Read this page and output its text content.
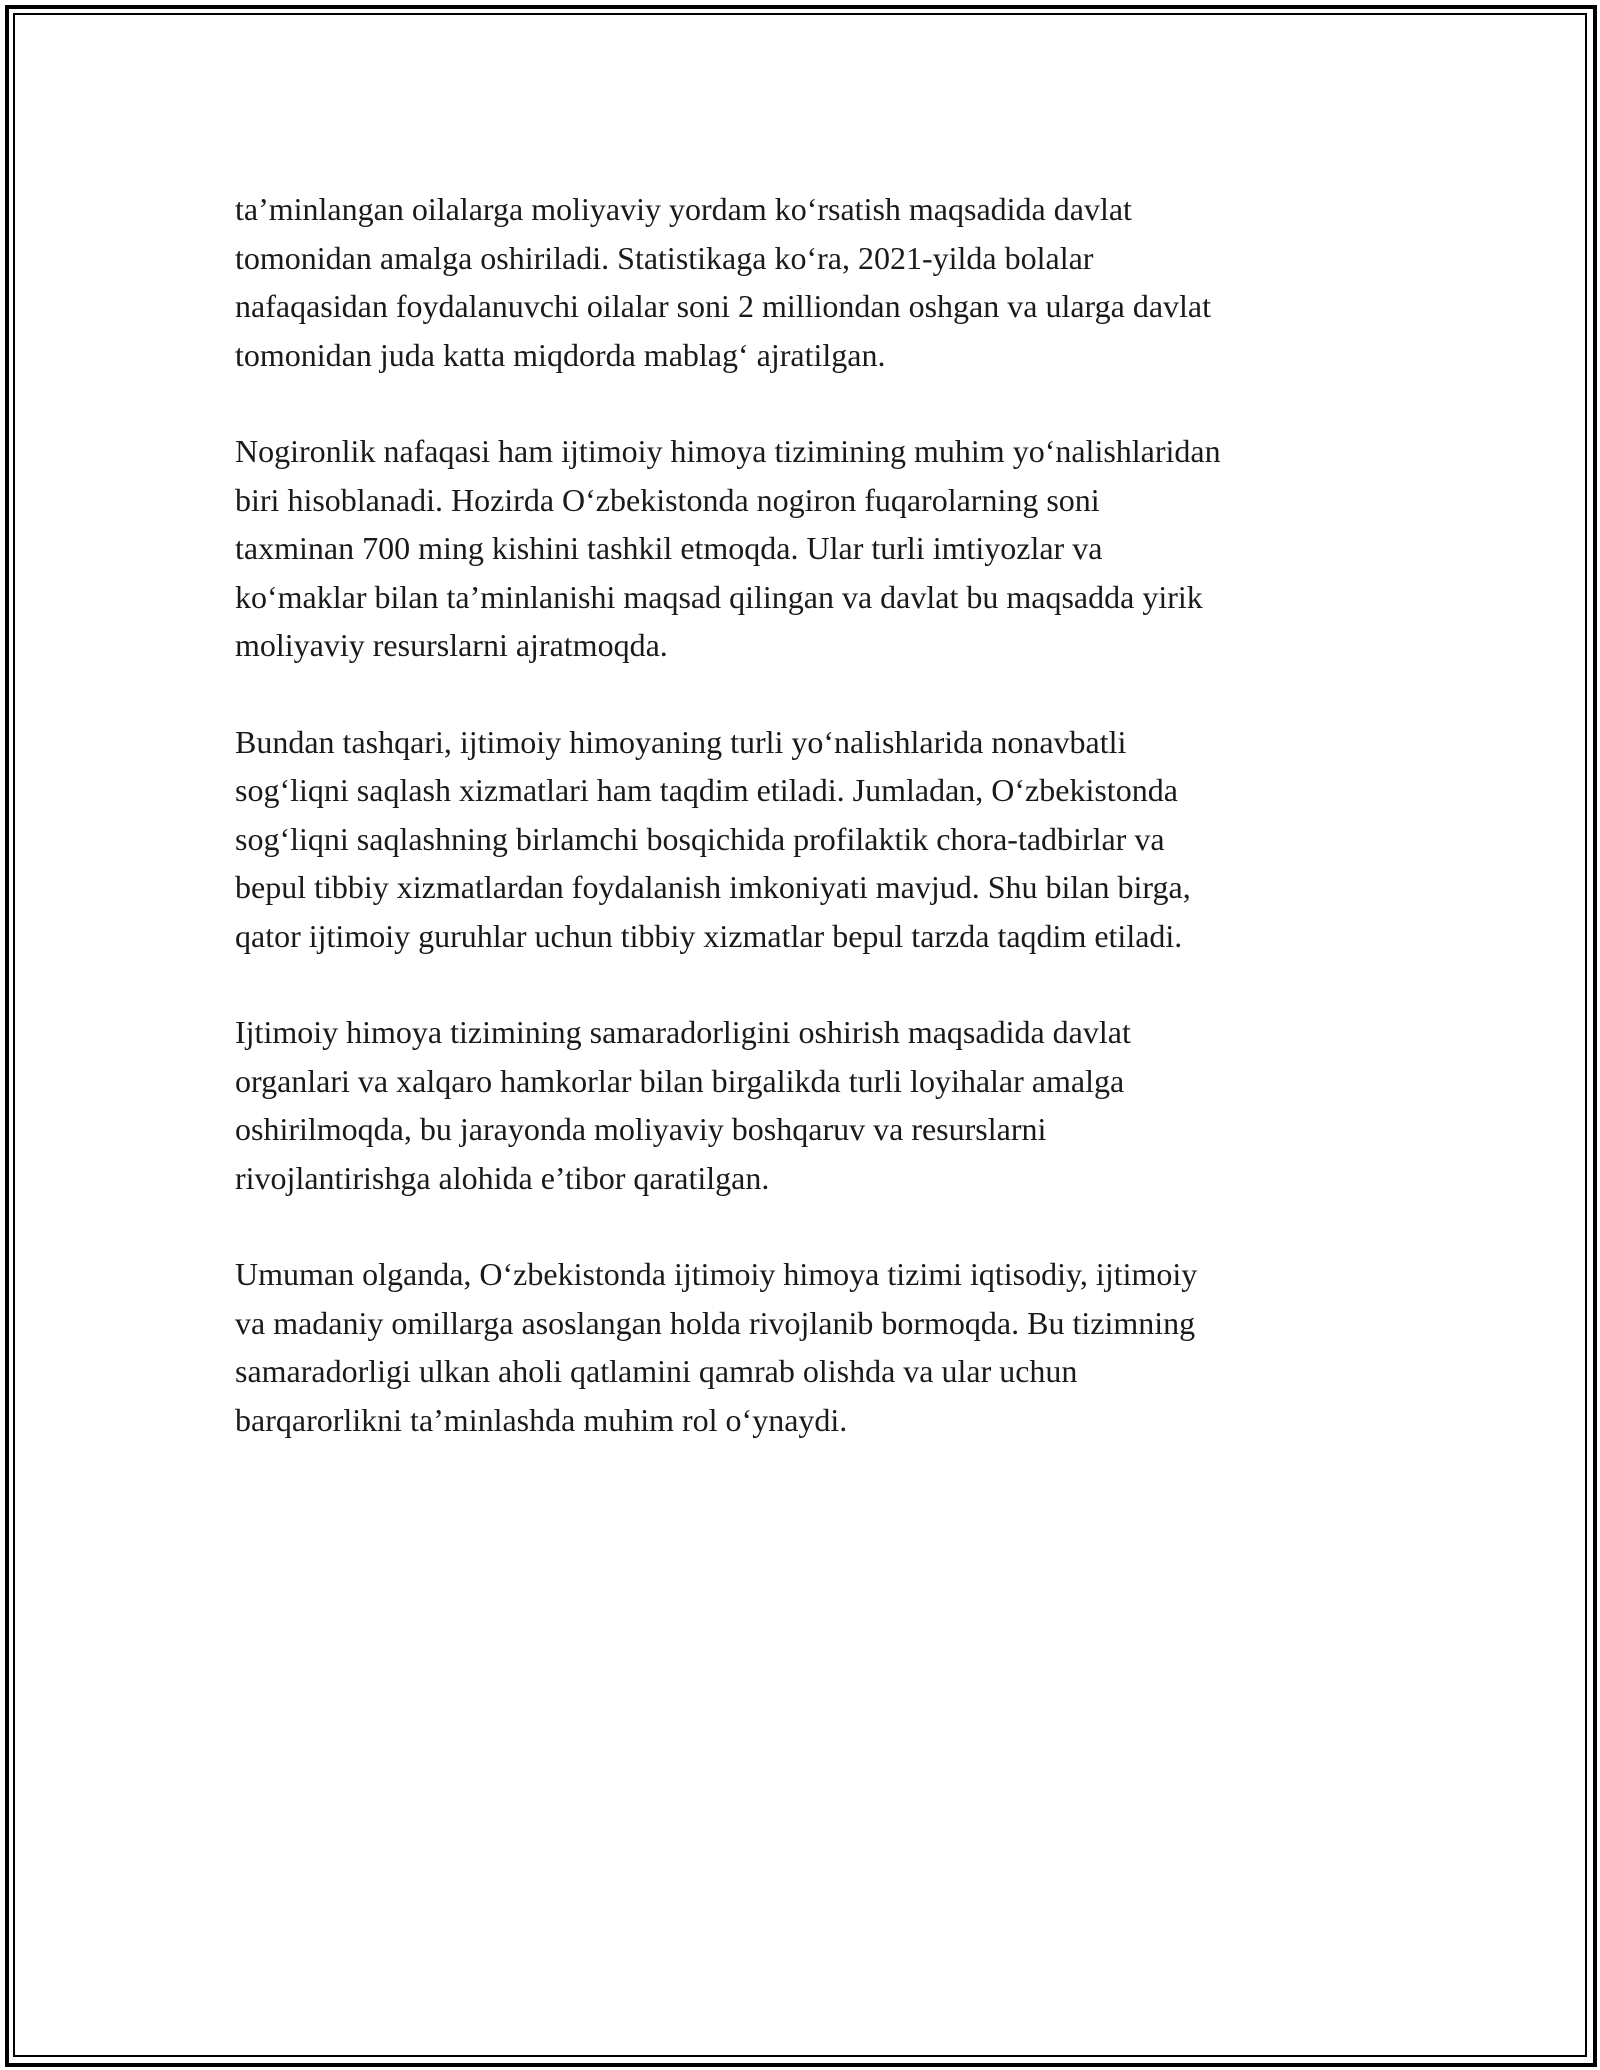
ta’minlangan oilalarga moliyaviy yordam ko‘rsatish maqsadida davlat
tomonidan amalga oshiriladi. Statistikaga ko‘ra, 2021-yilda bolalar
nafaqasidan foydalanuvchi oilalar soni 2 milliondan oshgan va ularga davlat
tomonidan juda katta miqdorda mablag‘ ajratilgan.

Nogironlik nafaqasi ham ijtimoiy himoya tizimining muhim yo‘nalishlaridan
biri hisoblanadi. Hozirda O‘zbekistonda nogiron fuqarolarning soni
taxminan 700 ming kishini tashkil etmoqda. Ular turli imtiyozlar va
ko‘maklar bilan ta’minlanishi maqsad qilingan va davlat bu maqsadda yirik
moliyaviy resurslarni ajratmoqda.

Bundan tashqari, ijtimoiy himoyaning turli yo‘nalishlarida nonavbatli
sog‘liqni saqlash xizmatlari ham taqdim etiladi. Jumladan, O‘zbekistonda
sog‘liqni saqlashning birlamchi bosqichida profilaktik chora-tadbirlar va
bepul tibbiy xizmatlardan foydalanish imkoniyati mavjud. Shu bilan birga,
qator ijtimoiy guruhlar uchun tibbiy xizmatlar bepul tarzda taqdim etiladi.

Ijtimoiy himoya tizimining samaradorligini oshirish maqsadida davlat
organlari va xalqaro hamkorlar bilan birgalikda turli loyihalar amalga
oshirilmoqda, bu jarayonda moliyaviy boshqaruv va resurslarni
rivojlantirishga alohida e’tibor qaratilgan.

Umuman olganda, O‘zbekistonda ijtimoiy himoya tizimi iqtisodiy, ijtimoiy
va madaniy omillarga asoslangan holda rivojlanib bormoqda. Bu tizimning
samaradorligi ulkan aholi qatlamini qamrab olishda va ular uchun
barqarorlikni ta’minlashda muhim rol o‘ynaydi.
